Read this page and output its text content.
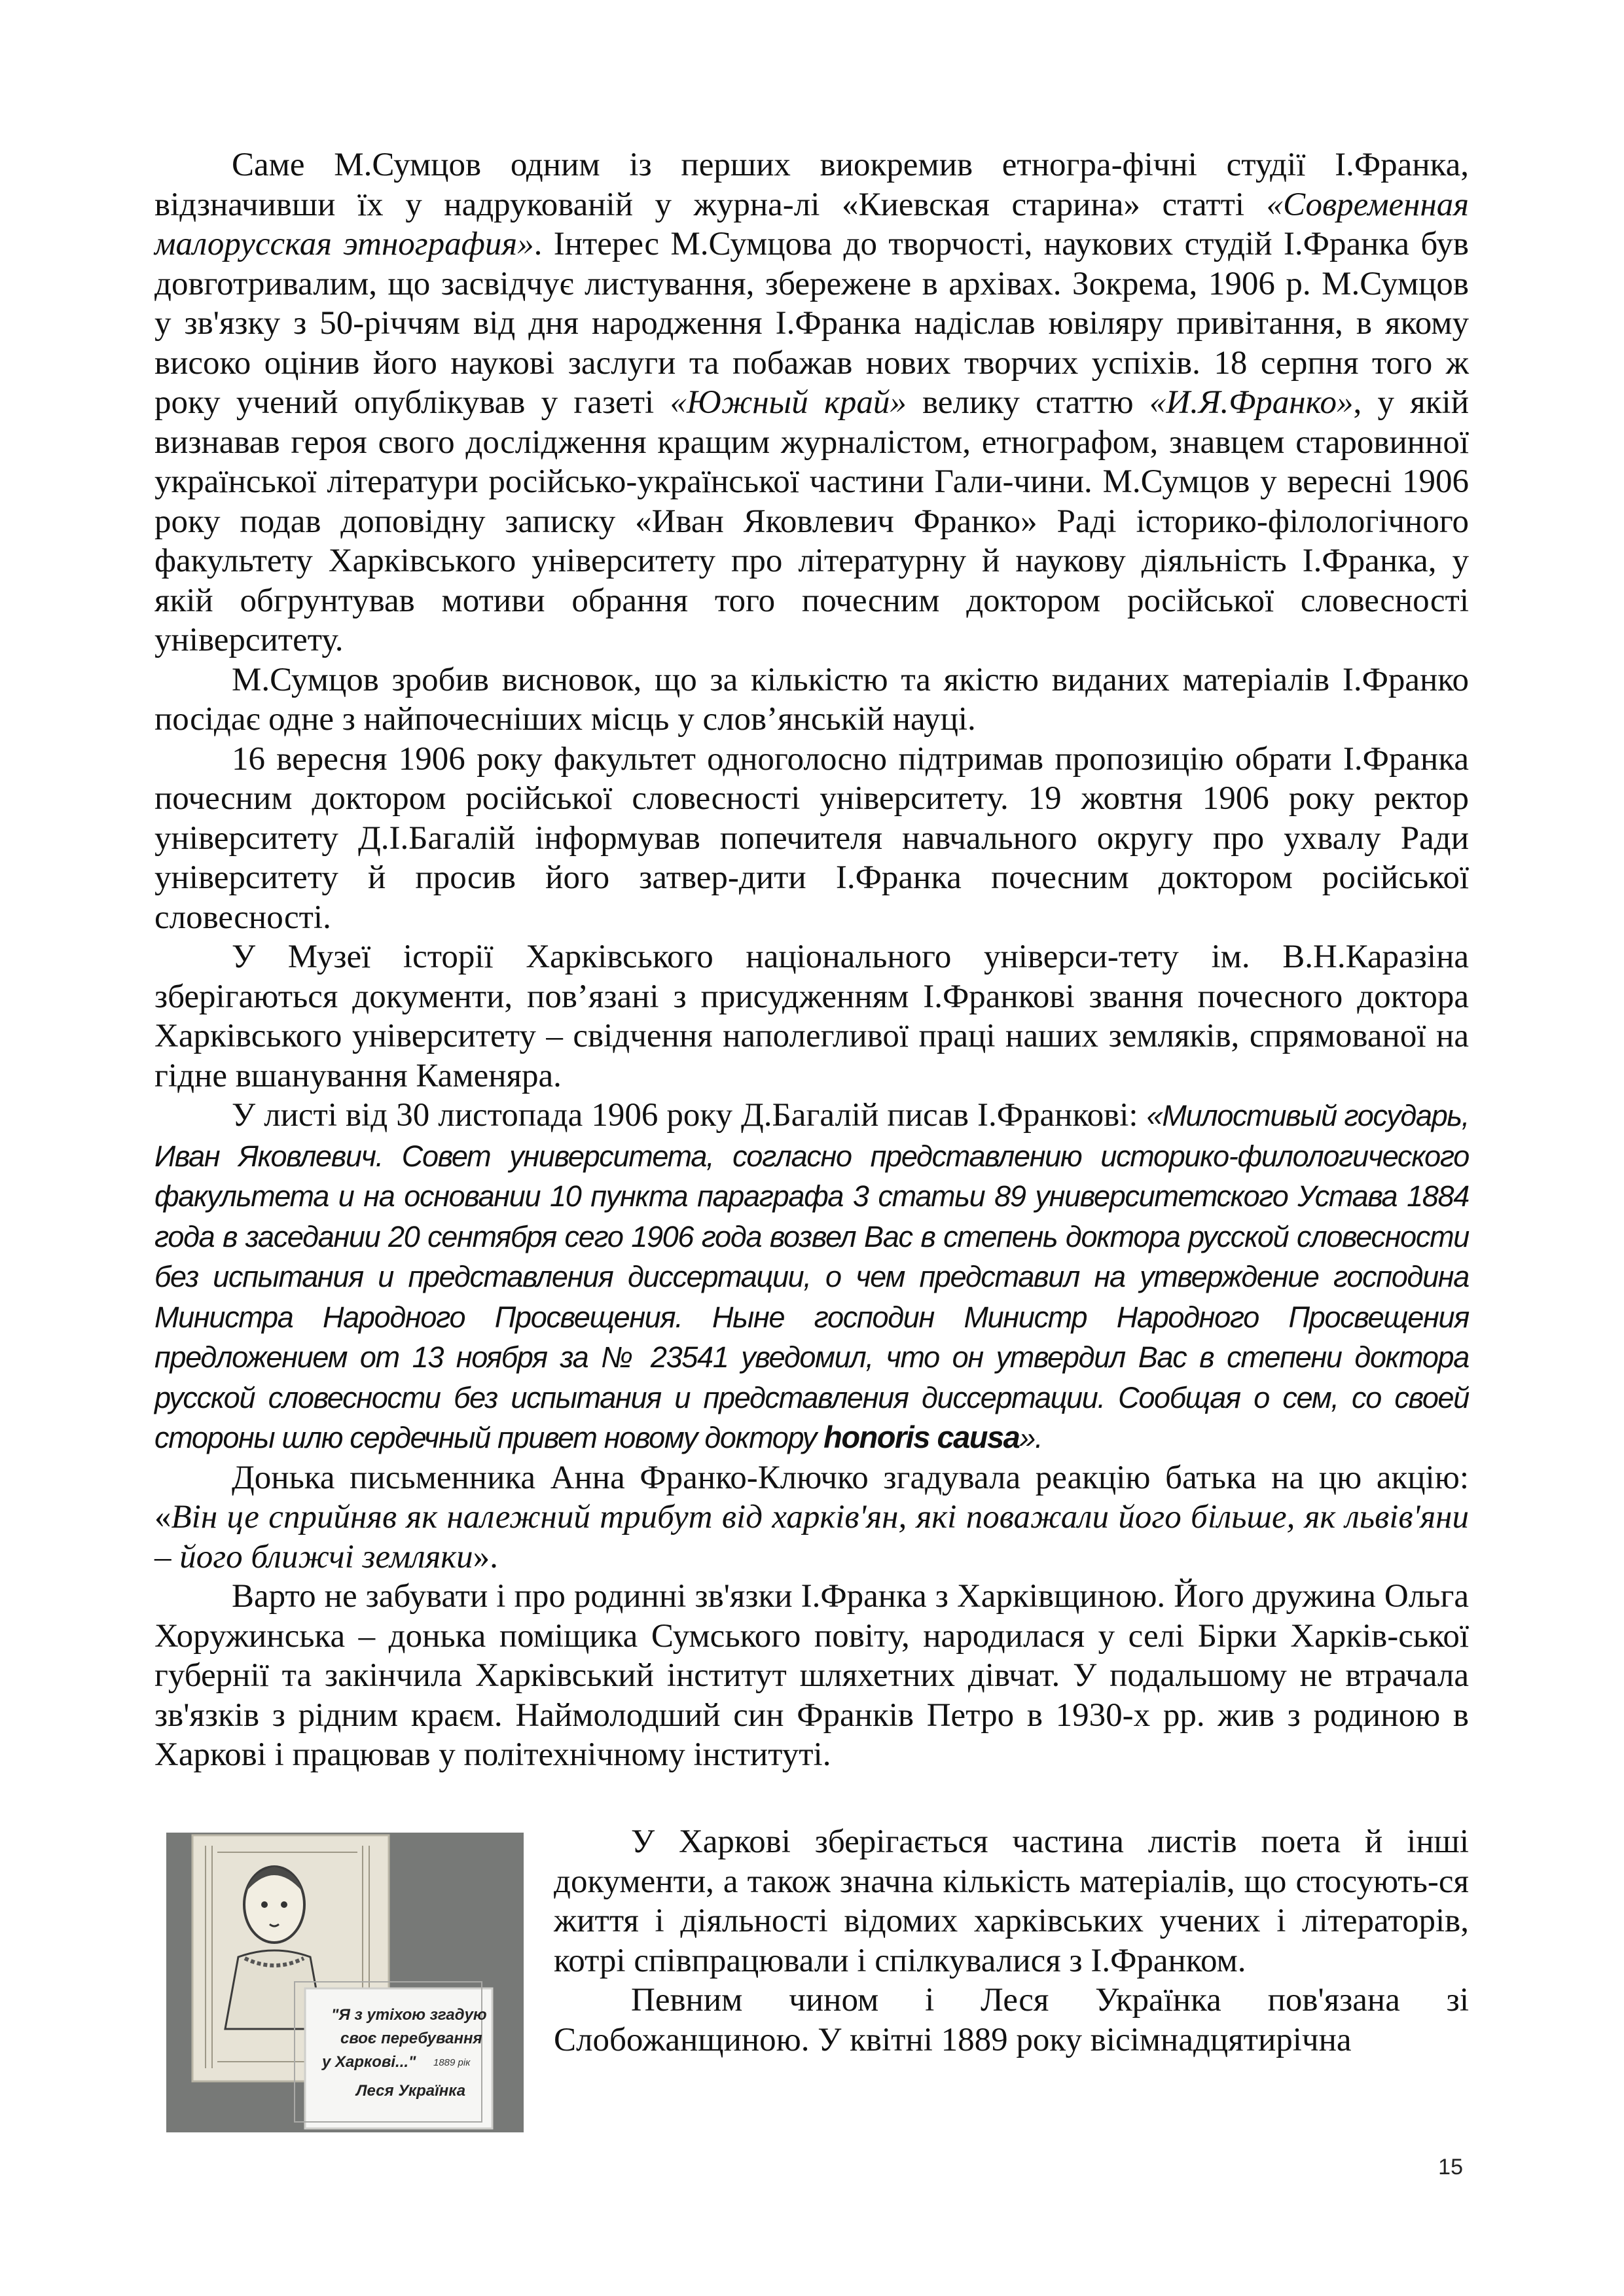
Саме М.Сумцов одним із перших виокремив етногра-фічні студії І.Франка, відзначивши їх у надрукованій у журна-лі «Киевская старина» статті «Современная малорусская этнография». Інтерес М.Сумцова до творчості, наукових студій І.Франка був довготривалим, що засвідчує листування, збережене в архівах. Зокрема, 1906 р. М.Сумцов у зв'язку з 50-річчям від дня народження І.Франка надіслав ювіляру привітання, в якому високо оцінив його наукові заслуги та побажав нових творчих успіхів. 18 серпня того ж року учений опублікував у газеті «Южный край» велику статтю «И.Я.Франко», у якій визнавав героя свого дослідження кращим журналістом, етнографом, знавцем старовинної української літератури російсько-української частини Гали-чини. М.Сумцов у вересні 1906 року подав доповідну записку «Иван Яковлевич Франко» Раді історико-філологічного факультету Харківського університету про літературну й наукову діяльність І.Франка, у якій обгрунтував мотиви обрання того почесним доктором російської словесності університету.

М.Сумцов зробив висновок, що за кількістю та якістю виданих матеріалів І.Франко посідає одне з найпочесніших місць у слов’янській науці.

16 вересня 1906 року факультет одноголосно підтримав пропозицію обрати І.Франка почесним доктором російської словесності університету. 19 жовтня 1906 року ректор університету Д.І.Багалій інформував попечителя навчального округу про ухвалу Ради університету й просив його затвер-дити І.Франка почесним доктором російської словесності.

У Музеї історії Харківського національного універси-тету ім. В.Н.Каразіна зберігаються документи, пов’язані з присудженням І.Франкові звання почесного доктора Харківського університету – свідчення наполегливої праці наших земляків, спрямованої на гідне вшанування Каменяра.

У листі від 30 листопада 1906 року Д.Багалій писав І.Франкові: «Милостивый государь, Иван Яковлевич. Совет университета, согласно представлению историко-филологического факультета и на основании 10 пункта параграфа 3 статьи 89 университетского Устава 1884 года в заседании 20 сентября сего 1906 года возвел Вас в степень доктора русской словесности без испытания и представления диссертации, о чем представил на утверждение господина Министра Народного Просвещения. Ныне господин Министр Народного Просвещения предложением от 13 ноября за № 23541 уведомил, что он утвердил Вас в степени доктора русской словесности без испытания и представления диссертации. Сообщая о сем, со своей стороны шлю сердечный привет новому доктору honoris causa».

Донька письменника Анна Франко-Ключко згадувала реакцію батька на цю акцію: «Він це сприйняв як належний трибут від харків'ян, які поважали його більше, як львів'яни – його ближчі земляки».

Варто не забувати і про родинні зв'язки І.Франка з Харківщиною. Його дружина Ольга Хоружинська – донька поміщика Сумського повіту, народилася у селі Бірки Харків-ської губернії та закінчила Харківський інститут шляхетних дівчат. У подальшому не втрачала зв'язків з рідним краєм. Наймолодший син Франків Петро в 1930-х рр. жив з родиною в Харкові і працював у політехнічному інституті.

"Я з утіхою згадую
своє перебування
у Харкові..." 1889 рік
Леся Українка

У Харкові зберігається частина листів поета й інші документи, а також значна кількість матеріалів, що стосують-ся життя і діяльності відомих харківських учених і літераторів, котрі співпрацювали і спілкувалися з І.Франком.

Певним чином і Леся Українка пов'язана зі Слобожанщиною. У квітні 1889 року вісімнадцятирічна

15
